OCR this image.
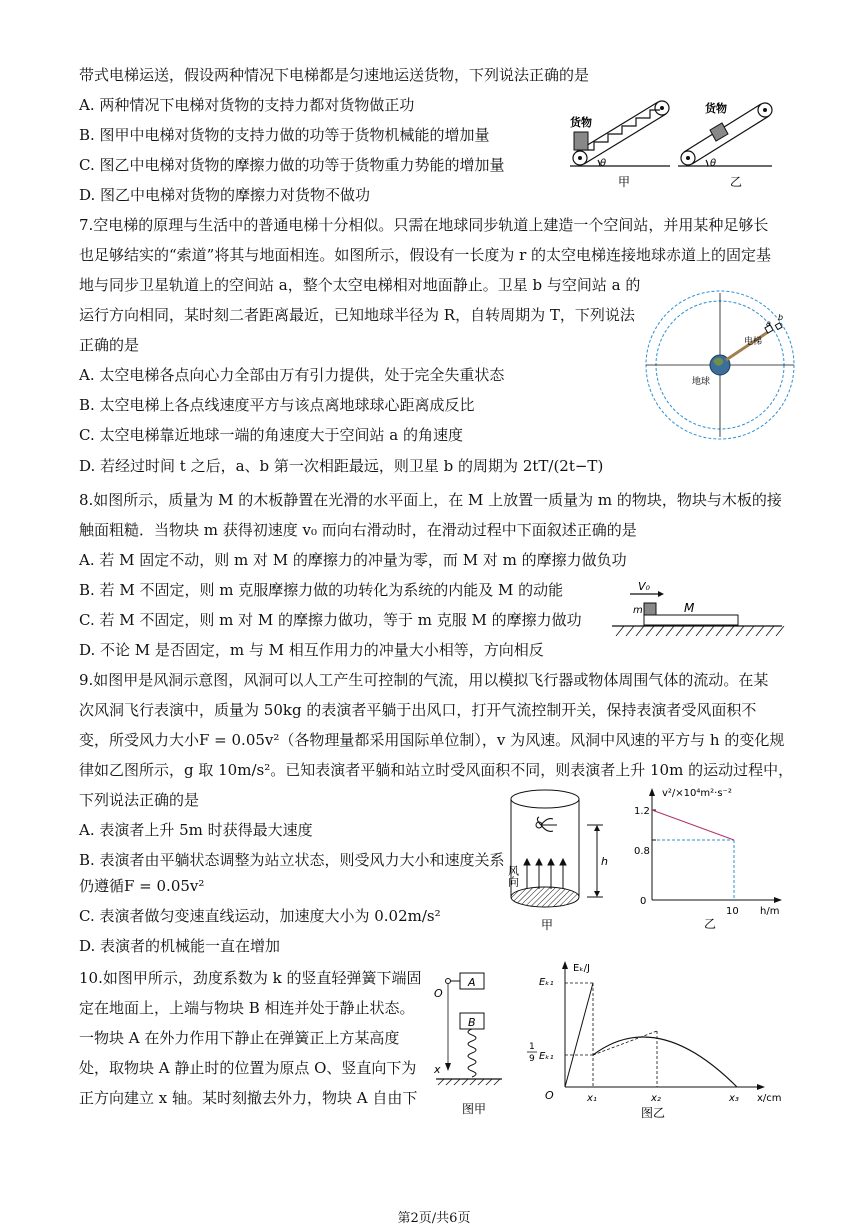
带式电梯运送，假设两种情况下电梯都是匀速地运送货物，下列说法正确的是
A. 两种情况下电梯对货物的支持力都对货物做正功
B. 图甲中电梯对货物的支持力做的功等于货物机械能的增加量
C. 图乙中电梯对货物的摩擦力做的功等于货物重力势能的增加量
D. 图乙中电梯对货物的摩擦力对货物不做功
7.空电梯的原理与生活中的普通电梯十分相似。只需在地球同步轨道上建造一个空间站，并用某种足够长
也足够结实的“索道”将其与地面相连。如图所示，假设有一长度为 r 的太空电梯连接地球赤道上的固定基
地与同步卫星轨道上的空间站 a，整个太空电梯相对地面静止。卫星 b 与空间站 a 的
运行方向相同，某时刻二者距离最近，已知地球半径为 R，自转周期为 T，下列说法
正确的是
A. 太空电梯各点向心力全部由万有引力提供，处于完全失重状态
B. 太空电梯上各点线速度平方与该点离地球球心距离成反比
C. 太空电梯靠近地球一端的角速度大于空间站 a 的角速度
D. 若经过时间 t 之后，a、b 第一次相距最远，则卫星 b 的周期为 2tT/(2t−T)
8.如图所示，质量为 M 的木板静置在光滑的水平面上，在 M 上放置一质量为 m 的物块，物块与木板的接
触面粗糙．当物块 m 获得初速度 v₀ 而向右滑动时，在滑动过程中下面叙述正确的是
A. 若 M 固定不动，则 m 对 M 的摩擦力的冲量为零，而 M 对 m 的摩擦力做负功
B. 若 M 不固定，则 m 克服摩擦力做的功转化为系统的内能及 M 的动能
C. 若 M 不固定，则 m 对 M 的摩擦力做功，等于 m 克服 M 的摩擦力做功
D. 不论 M 是否固定，m 与 M 相互作用力的冲量大小相等，方向相反
9.如图甲是风洞示意图，风洞可以人工产生可控制的气流，用以模拟飞行器或物体周围气体的流动。在某
次风洞飞行表演中，质量为 50kg 的表演者平躺于出风口，打开气流控制开关，保持表演者受风面积不
变，所受风力大小F = 0.05v²（各物理量都采用国际单位制），v 为风速。风洞中风速的平方与 h 的变化规
律如乙图所示，g 取 10m/s²。已知表演者平躺和站立时受风面积不同，则表演者上升 10m 的运动过程中，
下列说法正确的是
A. 表演者上升 5m 时获得最大速度
B. 表演者由平躺状态调整为站立状态，则受风力大小和速度关系
仍遵循F = 0.05v²
C. 表演者做匀变速直线运动，加速度大小为 0.02m/s²
D. 表演者的机械能一直在增加
10.如图甲所示，劲度系数为 k 的竖直轻弹簧下端固
定在地面上，上端与物块 B 相连并处于静止状态。
一物块 A 在外力作用下静止在弹簧正上方某高度
处，取物块 A 静止时的位置为原点 O、竖直向下为
正方向建立 x 轴。某时刻撤去外力，物块 A 自由下
货物
θ
甲
货物
θ
乙
电梯
地球
a
b
V₀
m	M
风向
h
甲
v²/×10⁴m²·s⁻²
h/m
1.2
0.8
0
10
乙
A
O
x
B
图甲
Eₖ/J
Eₖ₁
1
9 Eₖ₁
O	x₁	x₂	x₃ x/cm
图乙
第2页/共6页
